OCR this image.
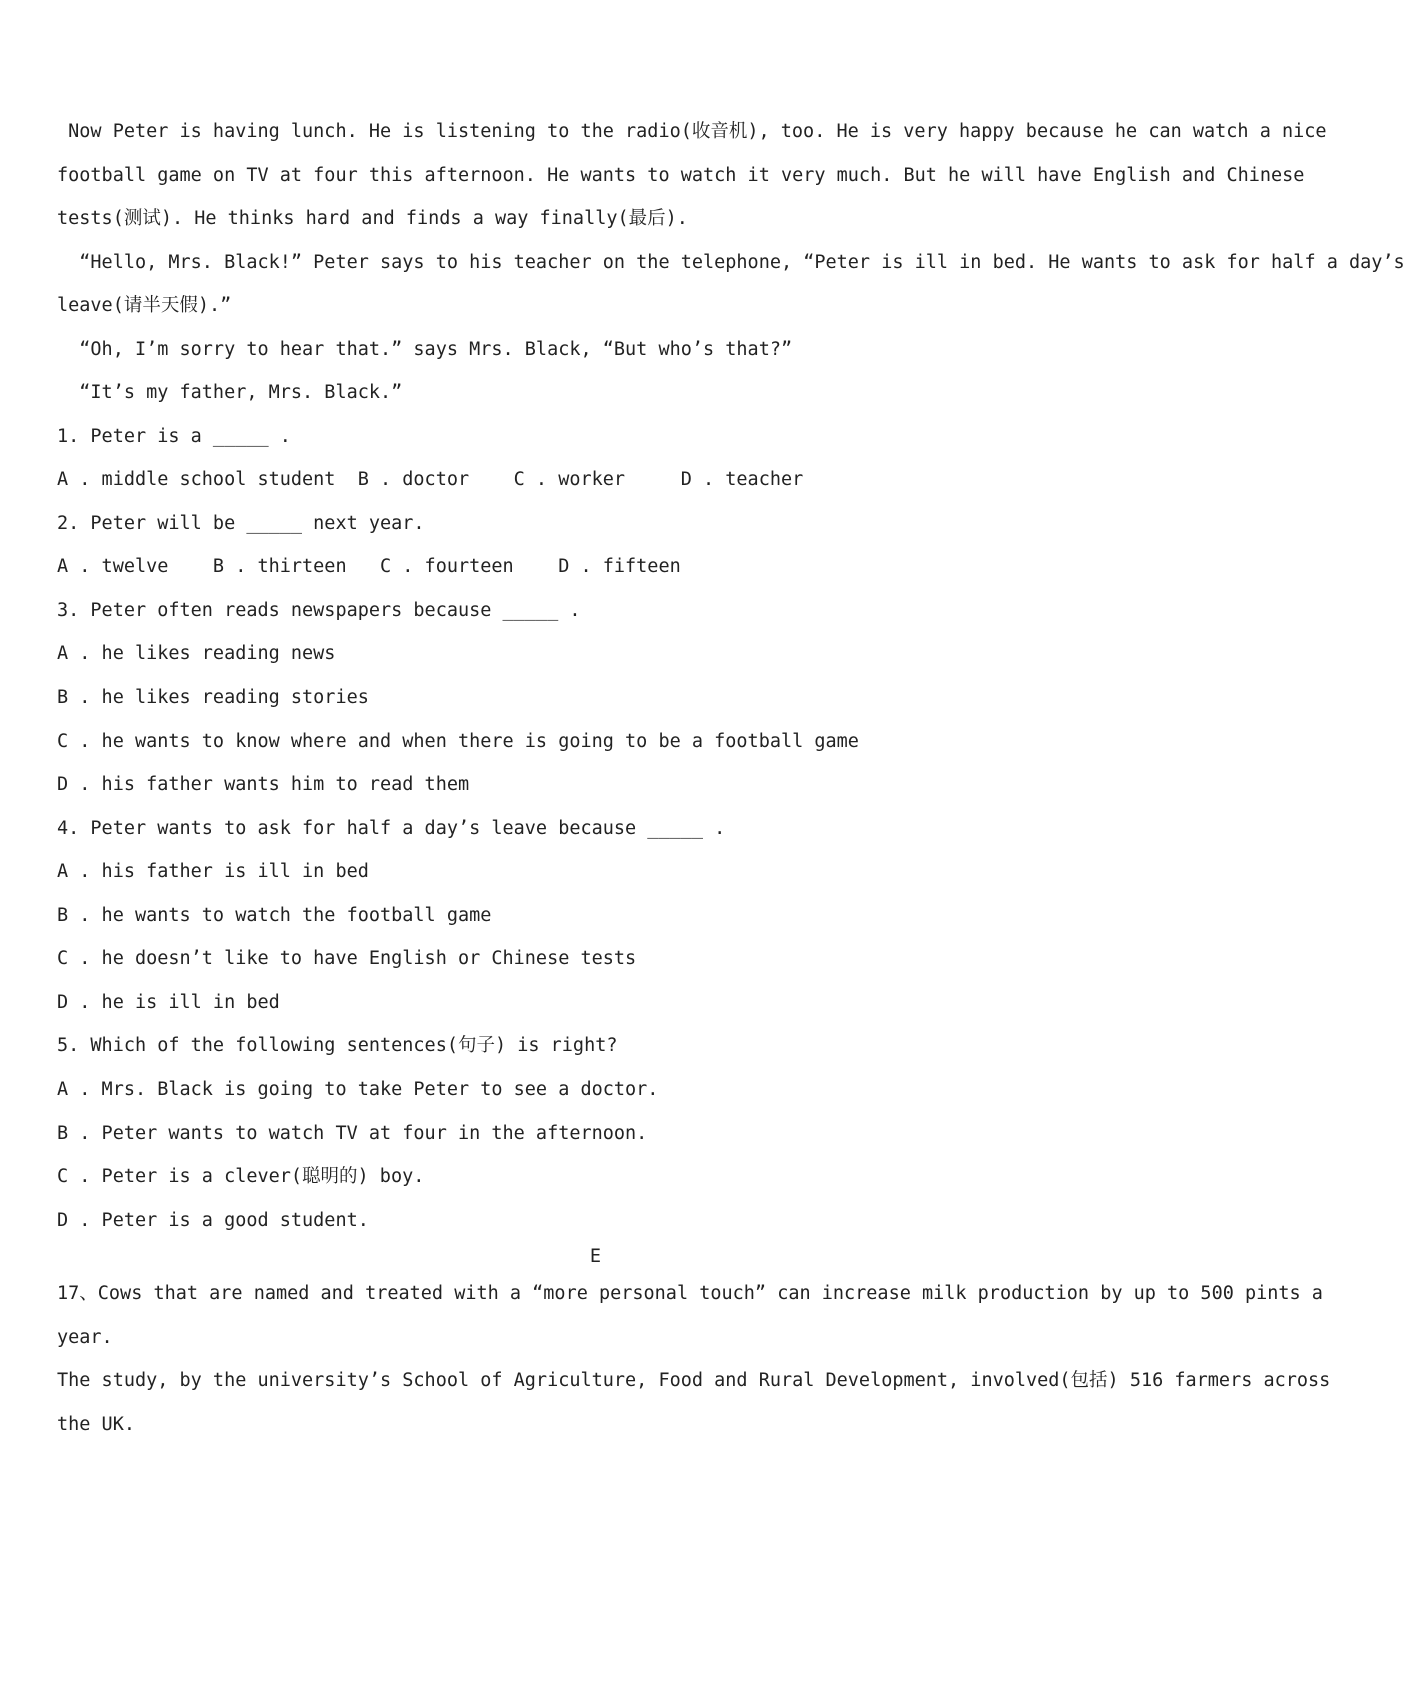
Now Peter is having lunch. He is listening to the radio(收音机), too. He is very happy because he can watch a nice
football game on TV at four this afternoon. He wants to watch it very much. But he will have English and Chinese
tests(测试). He thinks hard and finds a way finally(最后).
“Hello, Mrs. Black!” Peter says to his teacher on the telephone, “Peter is ill in bed. He wants to ask for half a day’s
leave(请半天假).”
“Oh, I’m sorry to hear that.” says Mrs. Black, “But who’s that?”
“It’s my father, Mrs. Black.”
1. Peter is a _____ .
A . middle school student  B . doctor    C . worker     D . teacher
2. Peter will be _____ next year.
A . twelve    B . thirteen   C . fourteen    D . fifteen
3. Peter often reads newspapers because _____ .
A . he likes reading news
B . he likes reading stories
C . he wants to know where and when there is going to be a football game
D . his father wants him to read them
4. Peter wants to ask for half a day’s leave because _____ .
A . his father is ill in bed
B . he wants to watch the football game
C . he doesn’t like to have English or Chinese tests
D . he is ill in bed
5. Which of the following sentences(句子) is right?
A . Mrs. Black is going to take Peter to see a doctor.
B . Peter wants to watch TV at four in the afternoon.
C . Peter is a clever(聪明的) boy.
D . Peter is a good student.
E
17、Cows that are named and treated with a “more personal touch” can increase milk production by up to 500 pints a
year.
The study, by the university’s School of Agriculture, Food and Rural Development, involved(包括) 516 farmers across
the UK.
